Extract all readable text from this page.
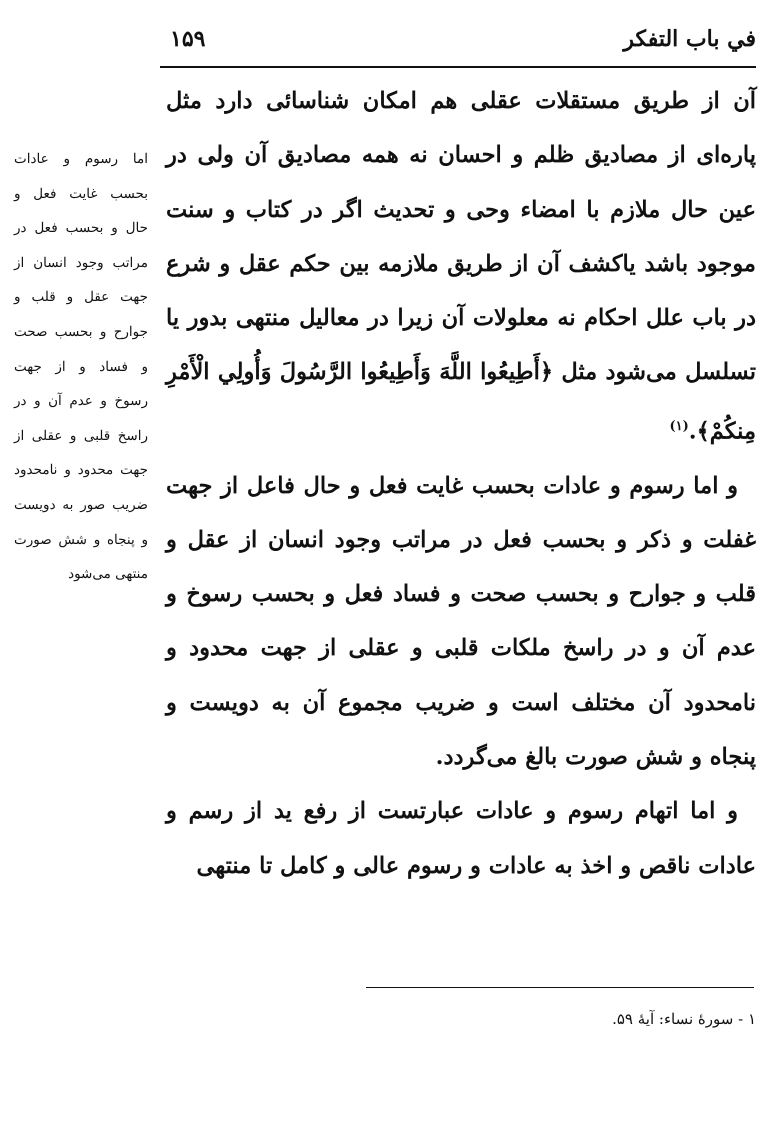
في باب التفكر
۱۵۹

آن از طريق مستقلات عقلى هم امكان شناسائى دارد مثل پاره‌اى از مصاديق ظلم و احسان نه همه مصاديق آن ولى در عين حال ملازم با امضاء وحى و تحديث اگر در كتاب و سنت موجود باشد ياكشف آن از طريق ملازمه بين حكم عقل و شرع در باب علل احكام نه معلولات آن زيرا در معاليل منتهى بدور يا تسلسل مى‌شود مثل ﴿أَطِيعُوا اللَّهَ وَأَطِيعُوا الرَّسُولَ وَأُولِي الْأَمْرِ مِنكُمْ﴾.$^{(۱)}$

و اما رسوم و عادات بحسب غايت فعل و حال فاعل از جهت غفلت و ذكر و بحسب فعل در مراتب وجود انسان از عقل و قلب و جوارح و بحسب صحت و فساد فعل و بحسب رسوخ و عدم آن و در راسخ ملكات قلبى و عقلى از جهت محدود و نامحدود آن مختلف است و ضريب مجموع آن به دويست و پنجاه و شش صورت بالغ مى‌گردد.

و اما اتهام رسوم و عادات عبارتست از رفع يد از رسم و عادات ناقص و اخذ به عادات و رسوم عالى و كامل تا منتهى

اما رسوم و عادات بحسب غايت فعل و حال و بحسب فعل در مراتب وجود انسان از جهت عقل و قلب و جوارح و بحسب صحت و فساد و از جهت رسوخ و عدم آن و در راسخ قلبى و عقلى از جهت محدود و نامحدود ضريب صور به دويست و پنجاه و شش صورت منتهى مى‌شود
۱ - سورهٔ نساء: آيهٔ ۵۹.
